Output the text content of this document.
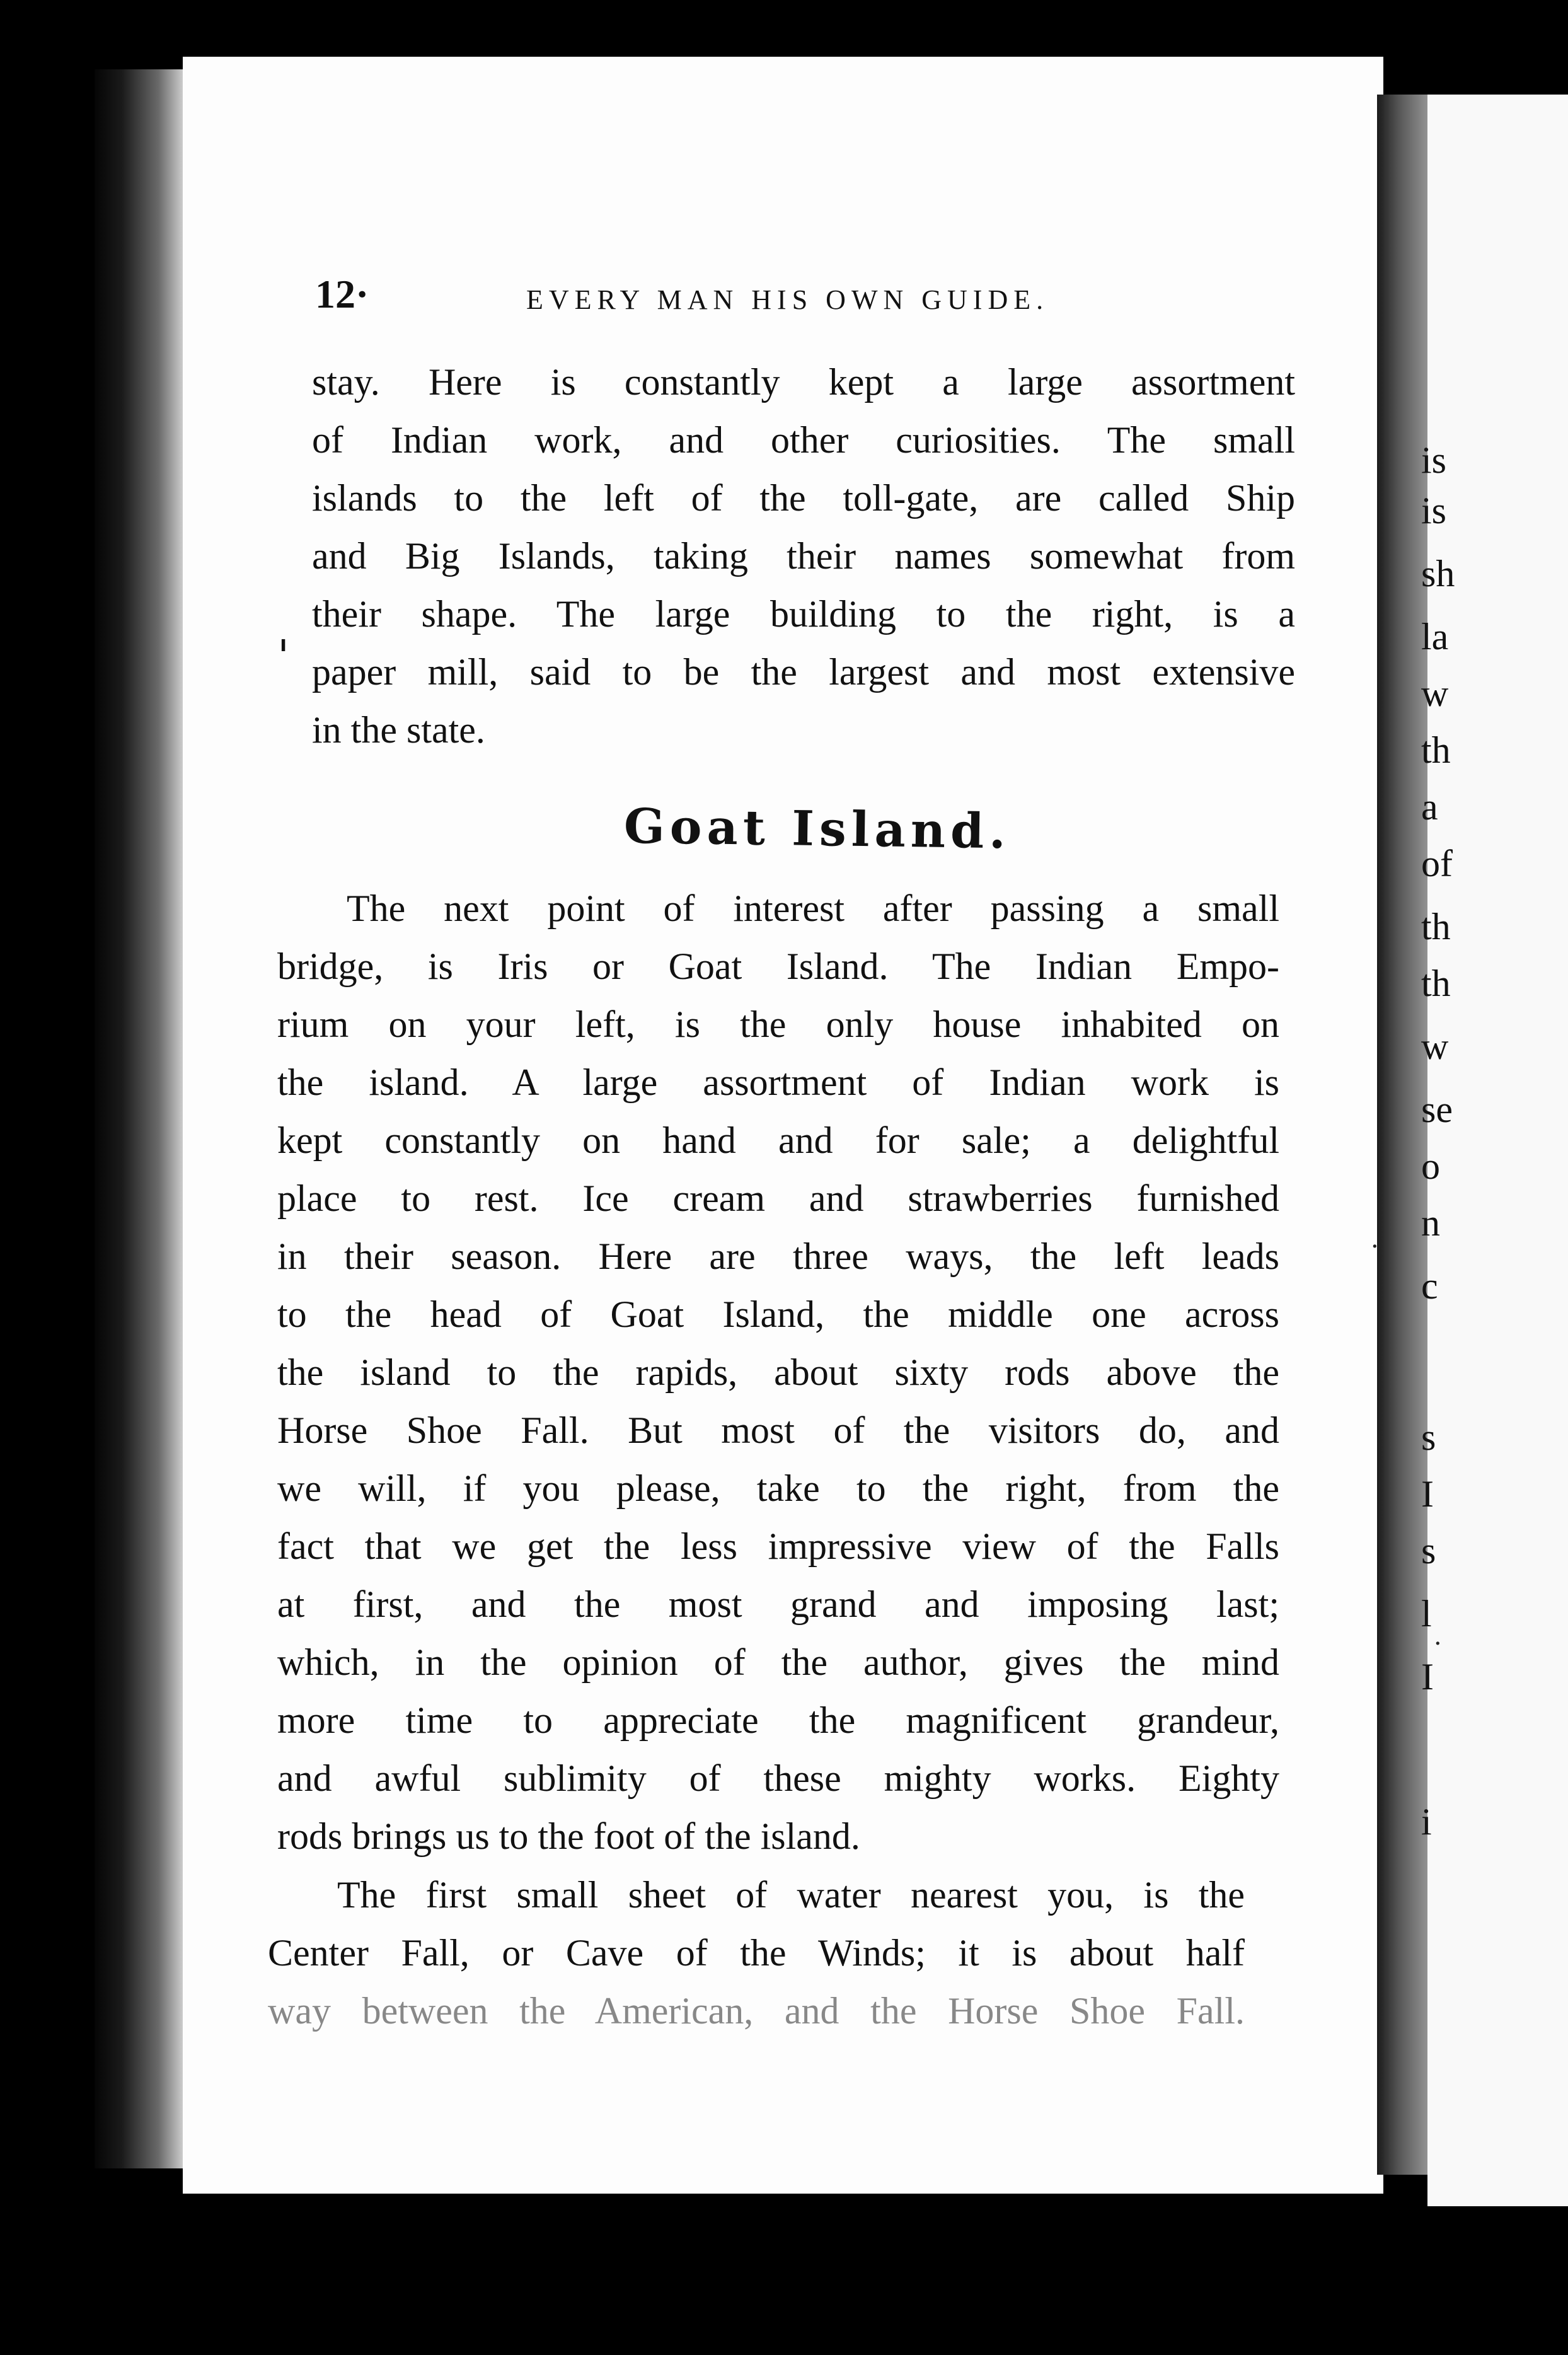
is
is
sh
la
w
th
a
of
th
th
w
se
o
n
c
s
I
s
l
I
i
12·	EVERY MAN HIS OWN GUIDE.
'
stay. Here is constantly kept a large assortment
of Indian work, and other curiosities. The small
islands to the left of the toll-gate, are called Ship
and Big Islands, taking their names somewhat from
their shape. The large building to the right, is a
paper mill, said to be the largest and most extensive
in the state.
Goat Island.
The next point of interest after passing a small
bridge, is Iris or Goat Island. The Indian Empo-
rium on your left, is the only house inhabited on
the island. A large assortment of Indian work is
kept constantly on hand and for sale; a delightful
place to rest. Ice cream and strawberries furnished
in their season. Here are three ways, the left leads
to the head of Goat Island, the middle one across
the island to the rapids, about sixty rods above the
Horse Shoe Fall. But most of the visitors do, and
we will, if you please, take to the right, from the
fact that we get the less impressive view of the Falls
at first, and the most grand and imposing last;
which, in the opinion of the author, gives the mind
more time to appreciate the magnificent grandeur,
and awful sublimity of these mighty works. Eighty
rods brings us to the foot of the island.
The first small sheet of water nearest you, is the
Center Fall, or Cave of the Winds; it is about half
way between the American, and the Horse Shoe Fall.
·
·
